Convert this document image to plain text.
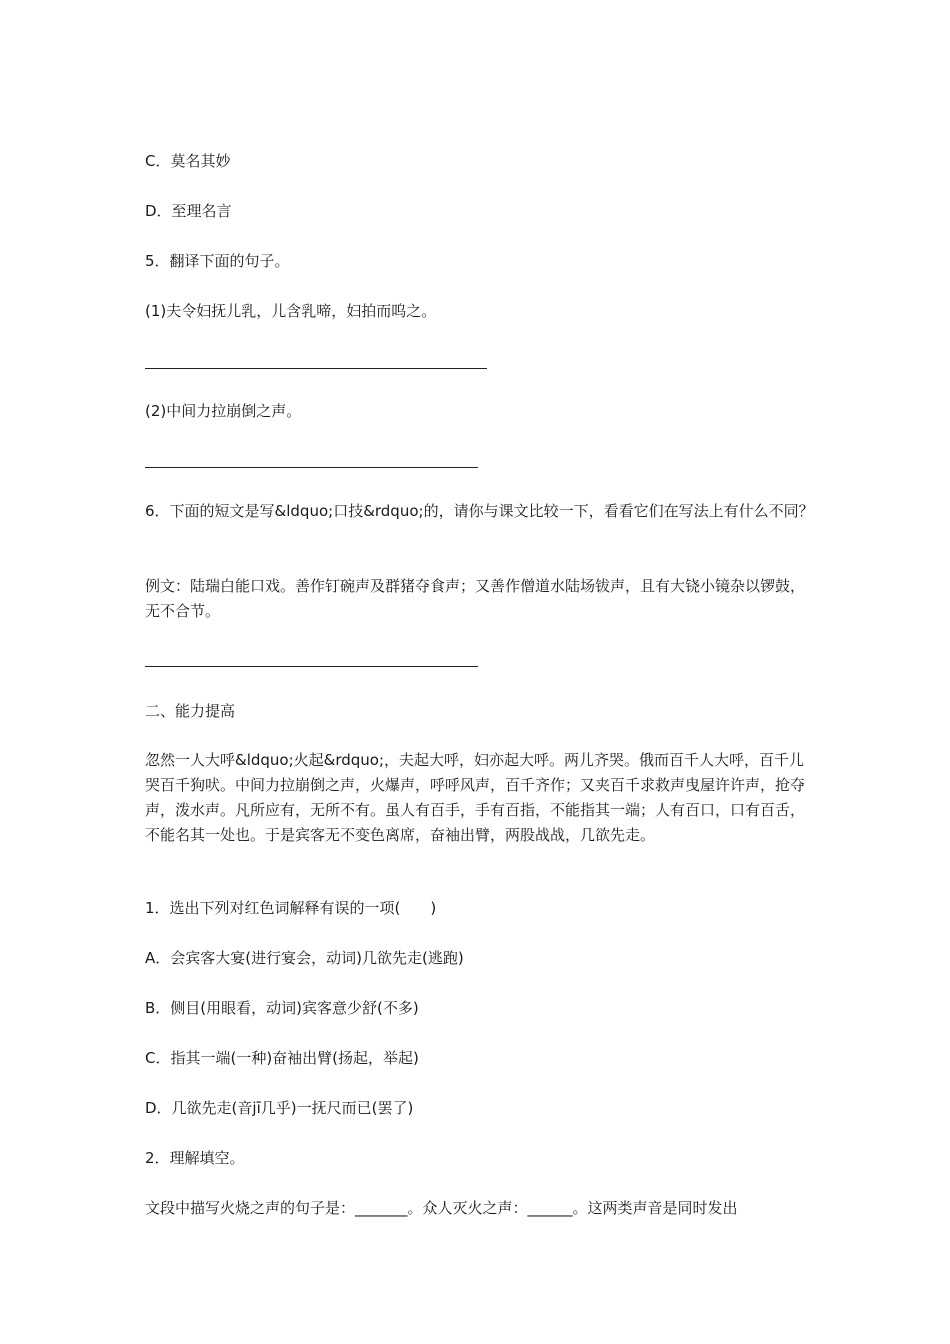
C．莫名其妙

D．至理名言

5．翻译下面的句子。

(1)夫令妇抚儿乳，儿含乳啼，妇拍而呜之。

(2)中间力拉崩倒之声。

6．下面的短文是写&ldquo;口技&rdquo;的，请你与课文比较一下，看看它们在写法上有什么不同？

例文：陆瑞白能口戏。善作钉碗声及群猪夺食声；又善作僧道水陆场钹声，且有大铙小镜杂以锣鼓，无不合节。

二、能力提高

忽然一人大呼&ldquo;火起&rdquo;，夫起大呼，妇亦起大呼。两儿齐哭。俄而百千人大呼，百千儿哭百千狗吠。中间力拉崩倒之声，火爆声，呼呼风声，百千齐作；又夹百千求救声曳屋许许声，抢夺声，泼水声。凡所应有，无所不有。虽人有百手，手有百指，不能指其一端；人有百口，口有百舌，不能名其一处也。于是宾客无不变色离席，奋袖出臂，两股战战，几欲先走。

1．选出下列对红色词解释有误的一项(　　)

A．会宾客大宴(进行宴会，动词)几欲先走(逃跑)

B．侧目(用眼看，动词)宾客意少舒(不多)

C．指其一端(一种)奋袖出臂(扬起，举起)

D．几欲先走(音jī几乎)一抚尺而已(罢了)

2．理解填空。

文段中描写火烧之声的句子是：_______。众人灭火之声：______。这两类声音是同时发出
